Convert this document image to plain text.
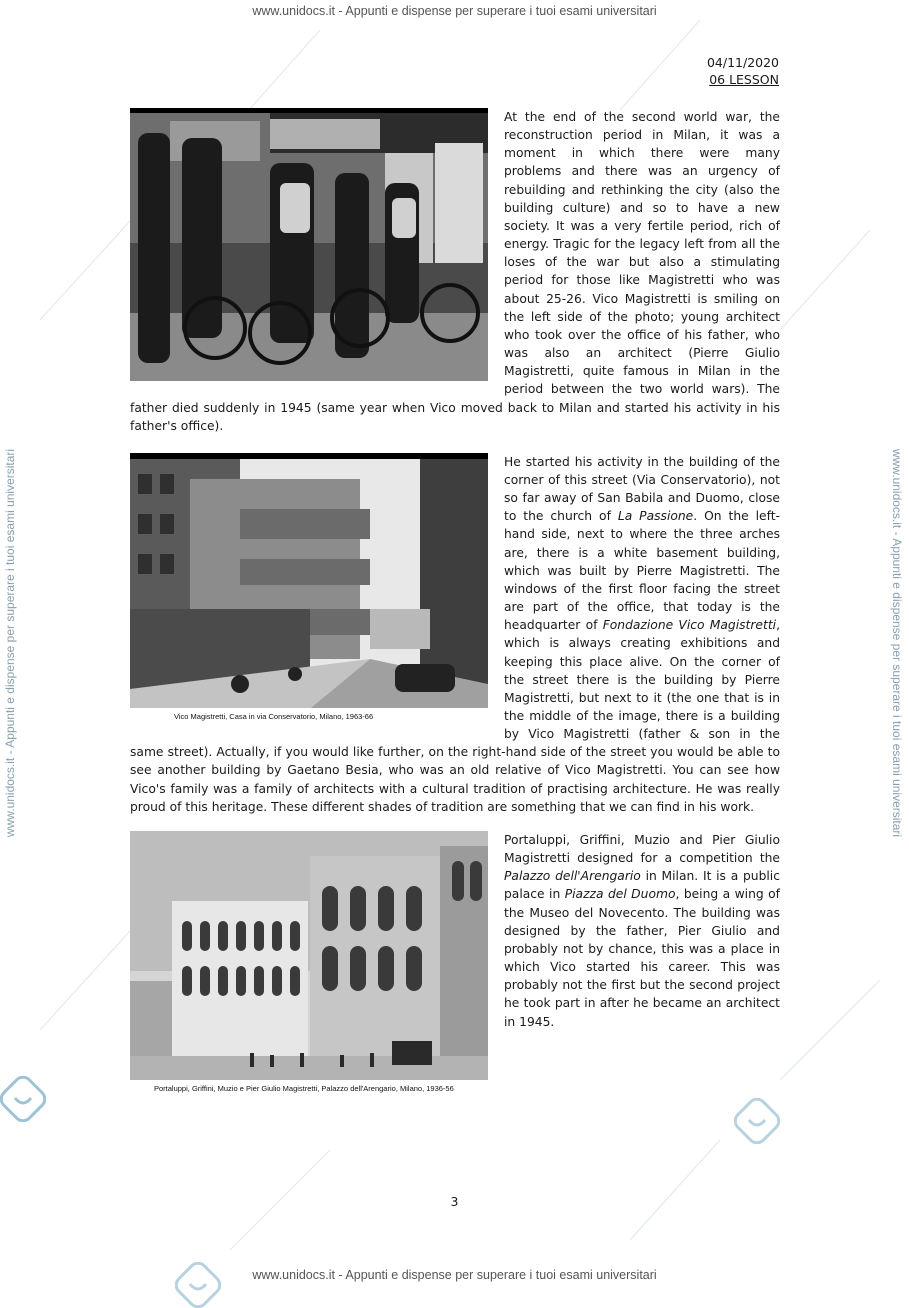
www.unidocs.it - Appunti e dispense per superare i tuoi esami universitari
www.unidocs.it - Appunti e dispense per superare i tuoi esami universitari
www.unidocs.it - Appunti e dispense per superare i tuoi esami universitari	www.unidocs.it - Appunti e dispense per superare i tuoi esami universitari
04/11/2020
06 LESSON

At the end of the second world war, the reconstruction period in Milan, it was a moment in which there were many problems and there was an urgency of rebuilding and rethinking the city (also the building culture) and so to have a new society. It was a very fertile period, rich of energy. Tragic for the legacy left from all the loses of the war but also a stimulating period for those like Magistretti who was about 25-26. Vico Magistretti is smiling on the left side of the photo; young architect who took over the office of his father, who was also an architect (Pierre Giulio Magistretti, quite famous in Milan in the period between the two world wars). The father died suddenly in 1945 (same year when Vico moved back to Milan and started his activity in his father's office).

Vico Magistretti, Casa in via Conservatorio, Milano, 1963-66

He started his activity in the building of the corner of this street (Via Conservatorio), not so far away of San Babila and Duomo, close to the church of La Passione. On the left-hand side, next to where the three arches are, there is a white basement building, which was built by Pierre Magistretti. The windows of the first floor facing the street are part of the office, that today is the headquarter of Fondazione Vico Magistretti, which is always creating exhibitions and keeping this place alive. On the corner of the street there is the building by Pierre Magistretti, but next to it (the one that is in the middle of the image, there is a building by Vico Magistretti (father & son in the same street). Actually, if you would like further, on the right-hand side of the street you would be able to see another building by Gaetano Besia, who was an old relative of Vico Magistretti. You can see how Vico's family was a family of architects with a cultural tradition of practising architecture. He was really proud of this heritage. These different shades of tradition are something that we can find in his work.

Portaluppi, Griffini, Muzio e Pier Giulio Magistretti, Palazzo dell'Arengario, Milano, 1936-56

Portaluppi, Griffini, Muzio and Pier Giulio Magistretti designed for a competition the Palazzo dell'Arengario in Milan. It is a public palace in Piazza del Duomo, being a wing of the Museo del Novecento. The building was designed by the father, Pier Giulio and probably not by chance, this was a place in which Vico started his career. This was probably not the first but the second project he took part in after he became an architect in 1945.

3
